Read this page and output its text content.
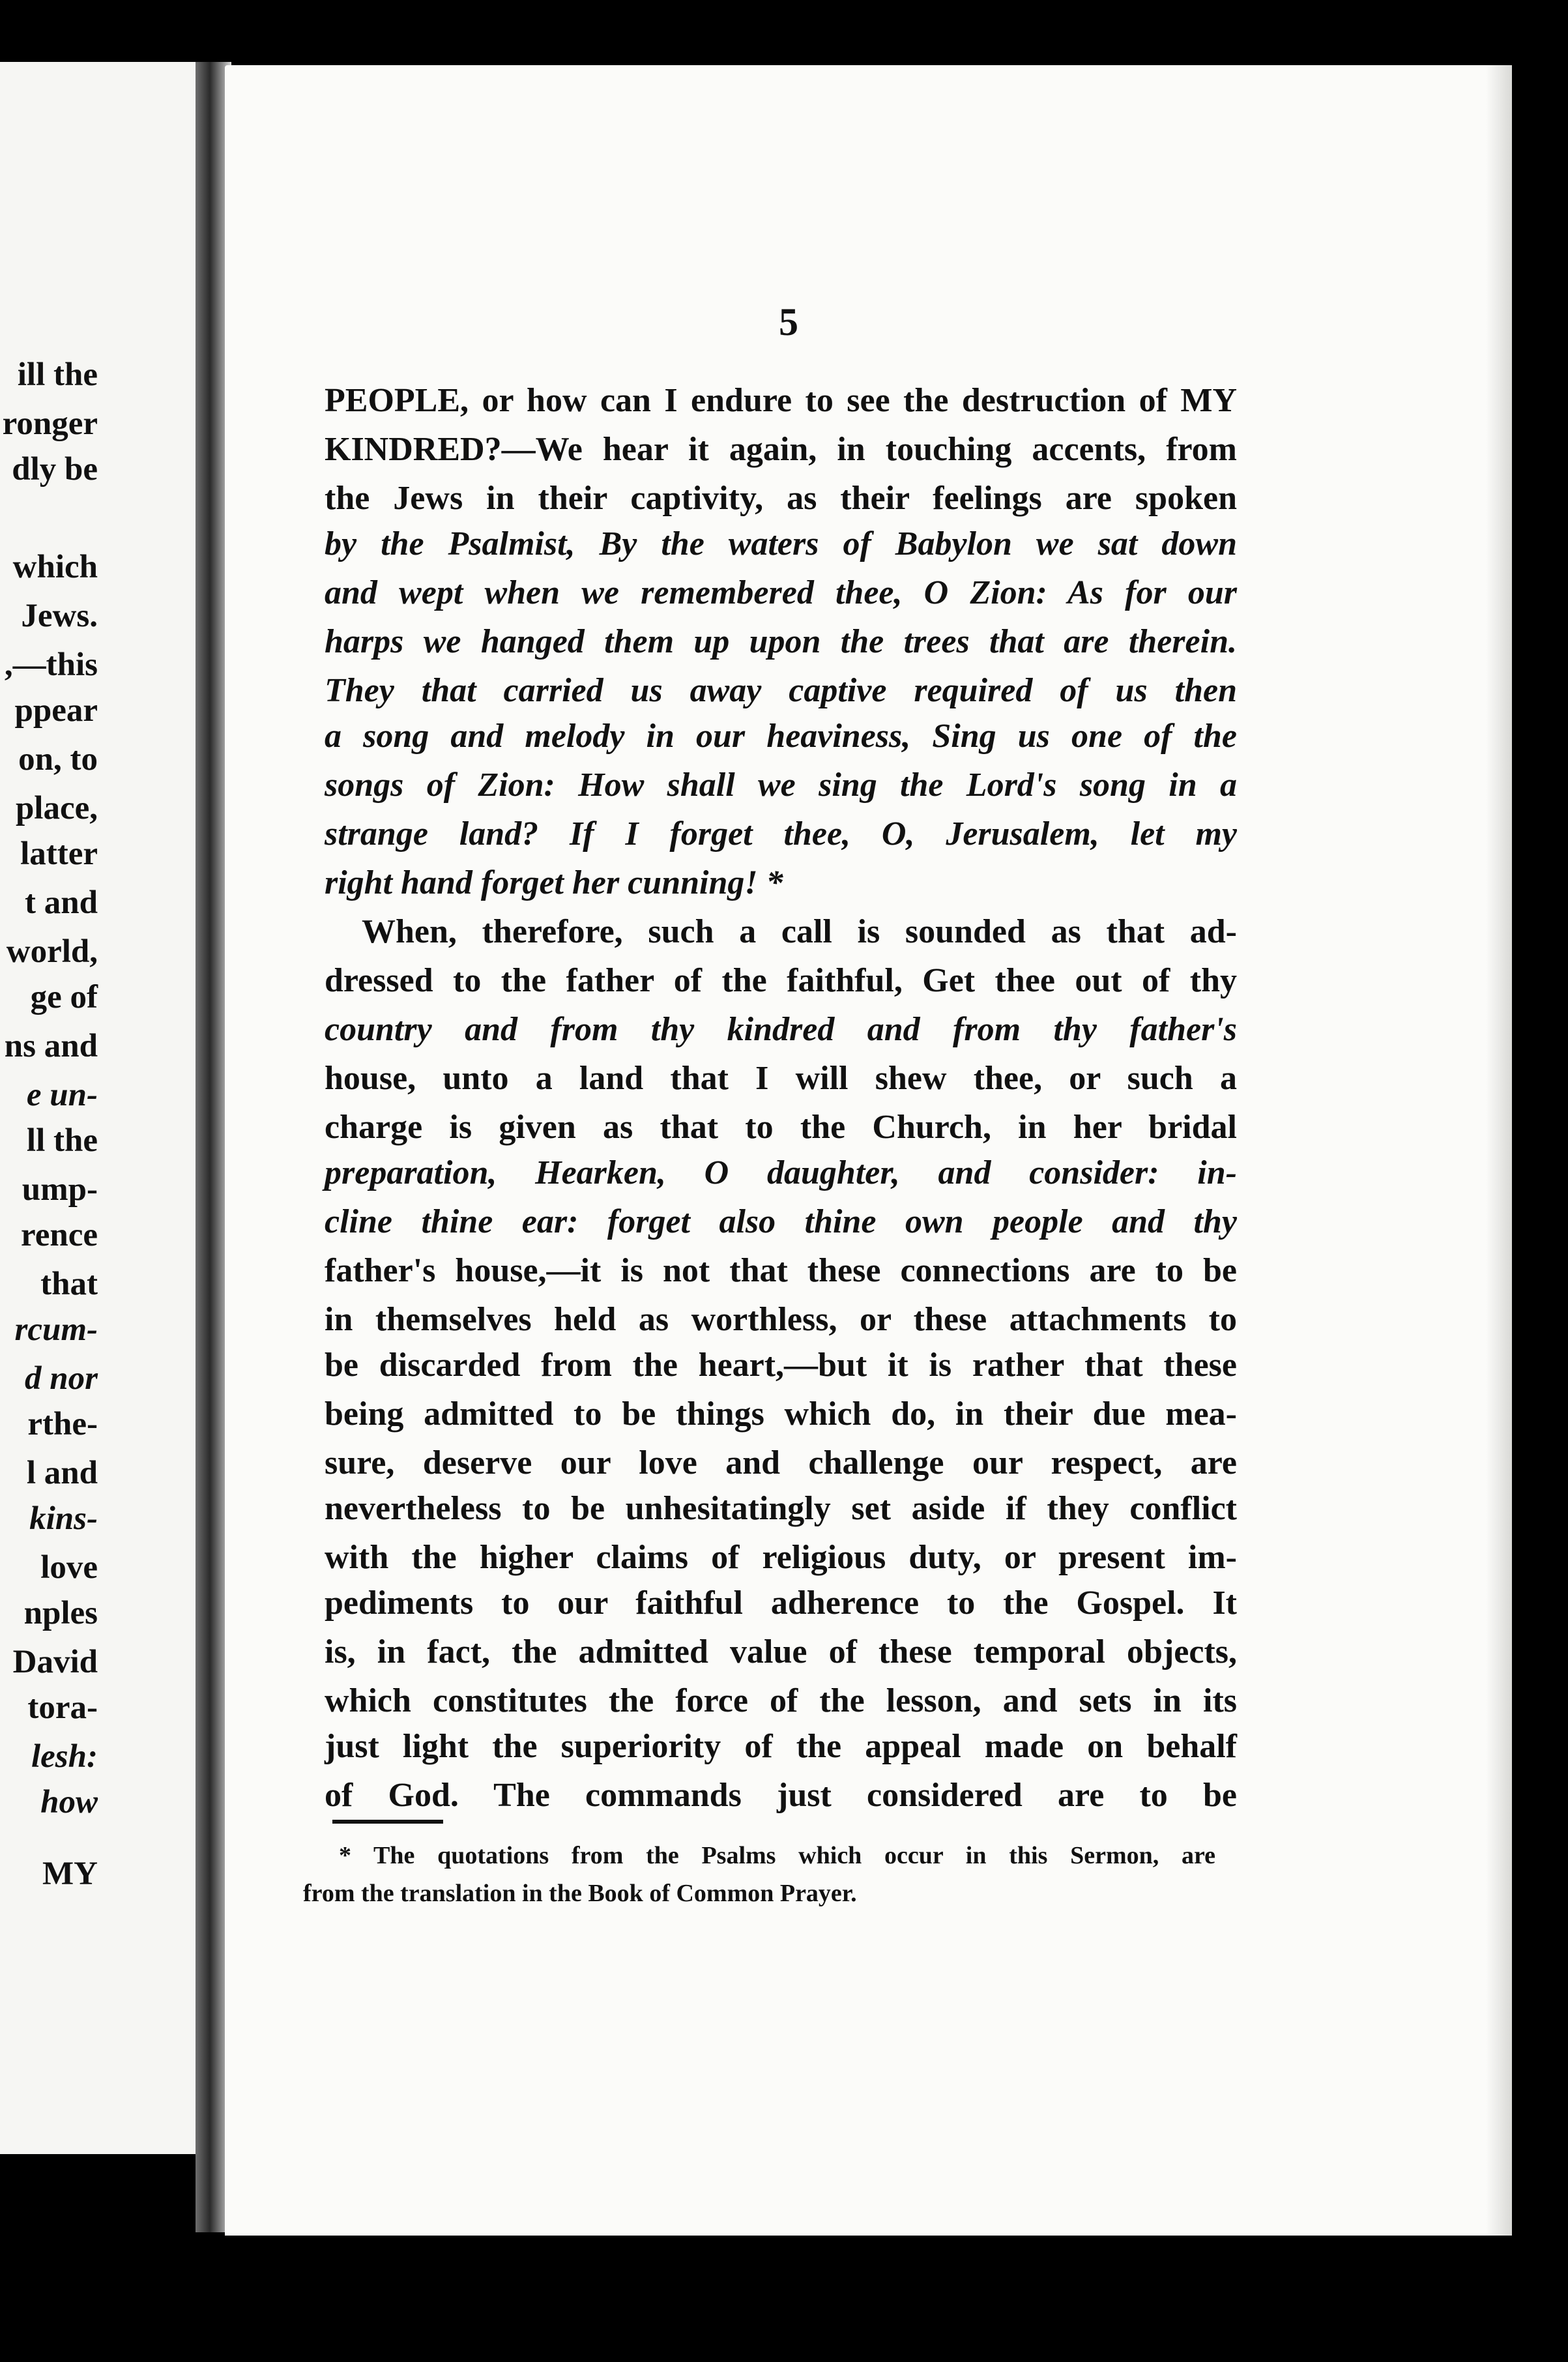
ill the
ronger
dly be
which
Jews.
,—this
ppear
on, to
place,
latter
t and
world,
ge of
ns and
e un-
ll the
ump-
rence
that
rcum-
d nor
rthe-
l and
kins-
love
nples
David
tora-
lesh:
how
MY
5
PEOPLE, or how can I endure to see the destruction of MY
KINDRED?—We hear it again, in touching accents, from
the Jews in their captivity, as their feelings are spoken
by the Psalmist, By the waters of Babylon we sat down
and wept when we remembered thee, O Zion: As for our
harps we hanged them up upon the trees that are therein.
They that carried us away captive required of us then
a song and melody in our heaviness, Sing us one of the
songs of Zion: How shall we sing the Lord's song in a
strange land? If I forget thee, O, Jerusalem, let my
right hand forget her cunning! *
When, therefore, such a call is sounded as that ad-
dressed to the father of the faithful, Get thee out of thy
country and from thy kindred and from thy father's
house, unto a land that I will shew thee, or such a
charge is given as that to the Church, in her bridal
preparation, Hearken, O daughter, and consider: in-
cline thine ear: forget also thine own people and thy
father's house,—it is not that these connections are to be
in themselves held as worthless, or these attachments to
be discarded from the heart,—but it is rather that these
being admitted to be things which do, in their due mea-
sure, deserve our love and challenge our respect, are
nevertheless to be unhesitatingly set aside if they conflict
with the higher claims of religious duty, or present im-
pediments to our faithful adherence to the Gospel. It
is, in fact, the admitted value of these temporal objects,
which constitutes the force of the lesson, and sets in its
just light the superiority of the appeal made on behalf
of God. The commands just considered are to be
* The quotations from the Psalms which occur in this Sermon, are
from the translation in the Book of Common Prayer.
